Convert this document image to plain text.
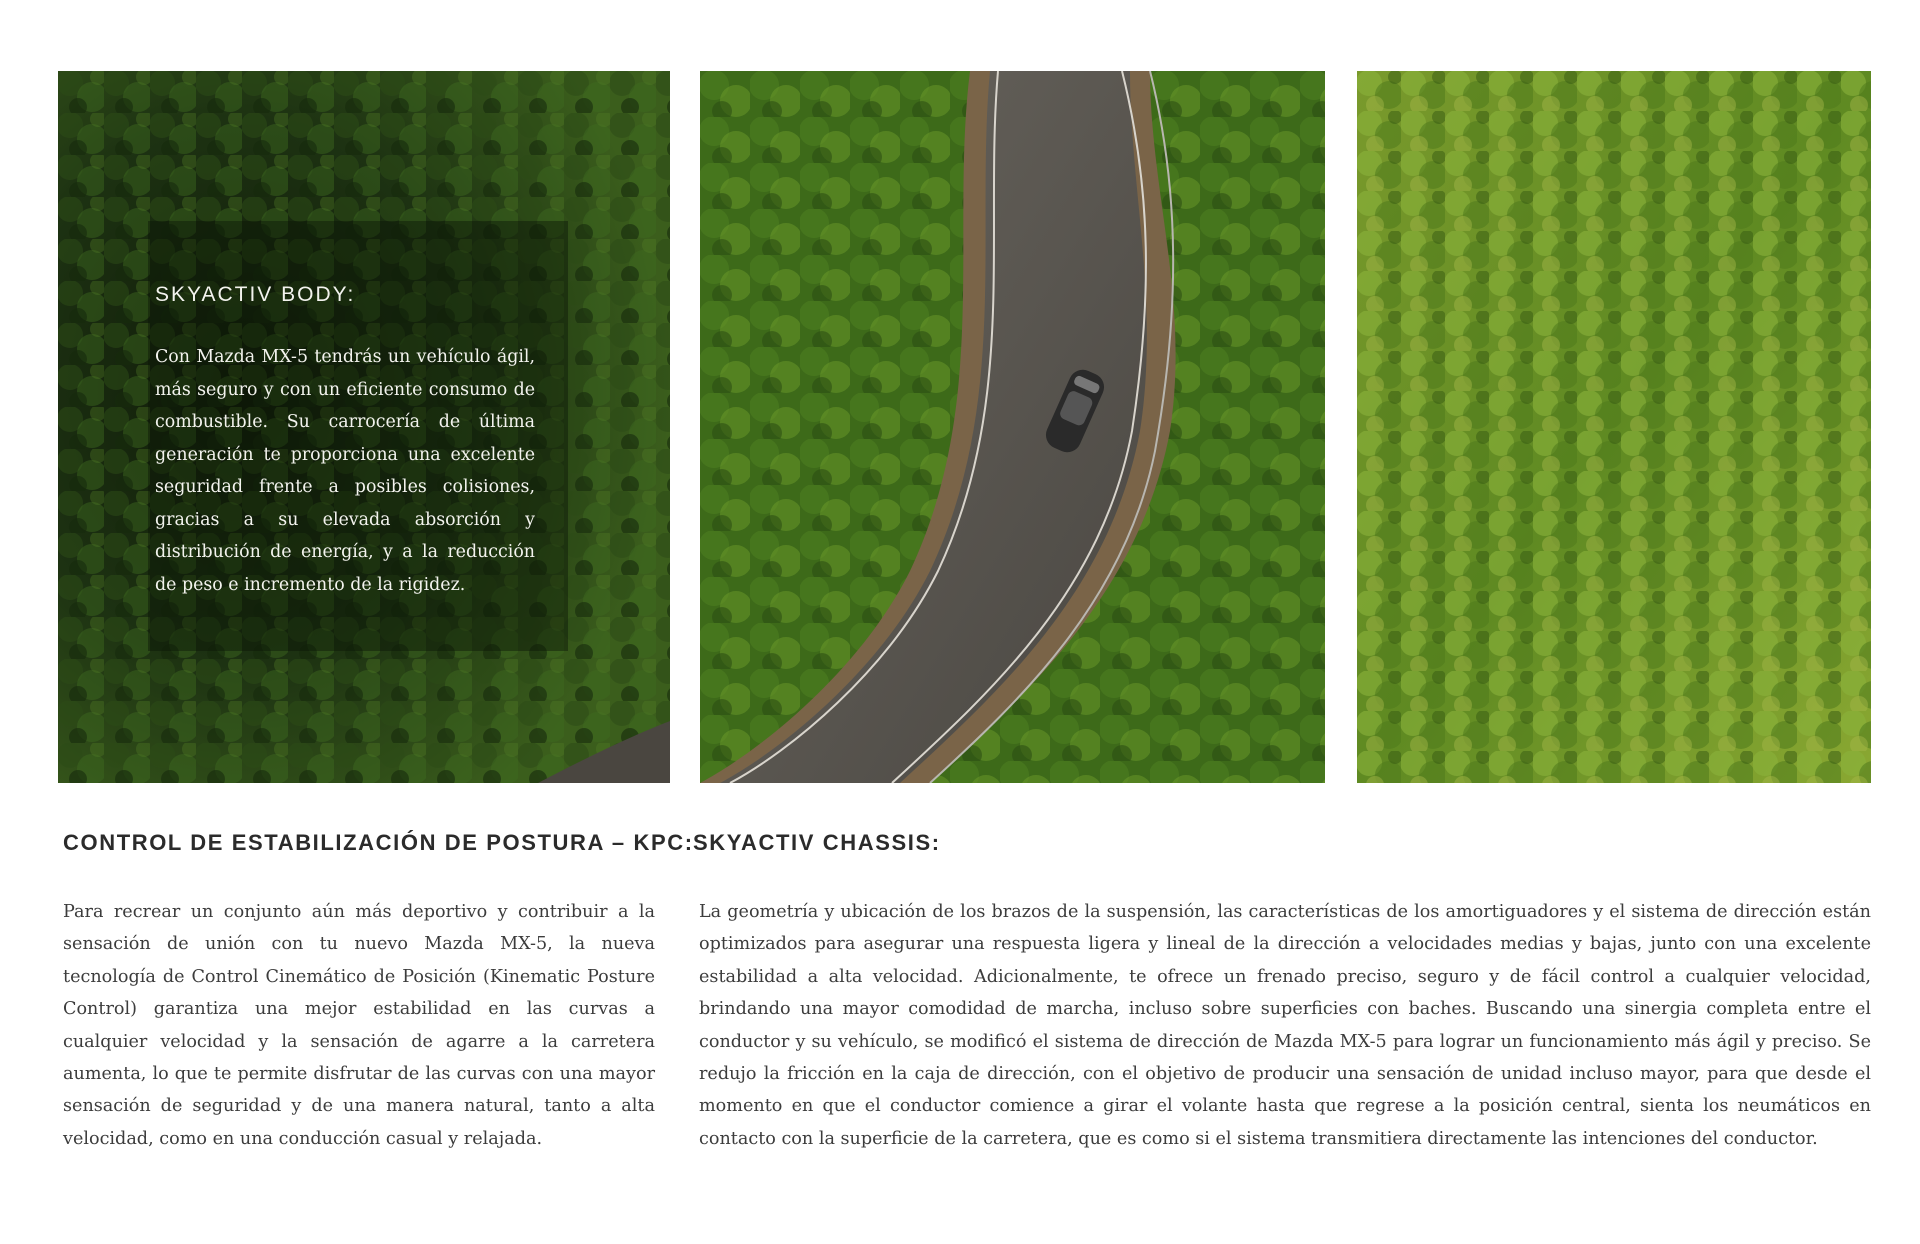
SKYACTIV BODY:

Con Mazda MX-5 tendrás un vehículo ágil, más seguro y con un eficiente consumo de combustible. Su carrocería de última generación te proporciona una excelente seguridad frente a posibles colisiones, gracias a su elevada absorción y distribución de energía, y a la reducción de peso e incremento de la rigidez.

CONTROL DE ESTABILIZACIÓN DE POSTURA – KPC:

Para recrear un conjunto aún más deportivo y contribuir a la sensación de unión con tu nuevo Mazda MX-5, la nueva tecnología de Control Cinemático de Posición (Kinematic Posture Control) garantiza una mejor estabilidad en las curvas a cualquier velocidad y la sensación de agarre a la carretera aumenta, lo que te permite disfrutar de las curvas con una mayor sensación de seguridad y de una manera natural, tanto a alta velocidad, como en una conducción casual y relajada.

SKYACTIV CHASSIS:

La geometría y ubicación de los brazos de la suspensión, las características de los amortiguadores y el sistema de dirección están optimizados para asegurar una respuesta ligera y lineal de la dirección a velocidades medias y bajas, junto con una excelente estabilidad a alta velocidad. Adicionalmente, te ofrece un frenado preciso, seguro y de fácil control a cualquier velocidad, brindando una mayor comodidad de marcha, incluso sobre superficies con baches. Buscando una sinergia completa entre el conductor y su vehículo, se modificó el sistema de dirección de Mazda MX-5 para lograr un funcionamiento más ágil y preciso. Se redujo la fricción en la caja de dirección, con el objetivo de producir una sensación de unidad incluso mayor, para que desde el momento en que el conductor comience a girar el volante hasta que regrese a la posición central, sienta los neumáticos en contacto con la superficie de la carretera, que es como si el sistema transmitiera directamente las intenciones del conductor.
